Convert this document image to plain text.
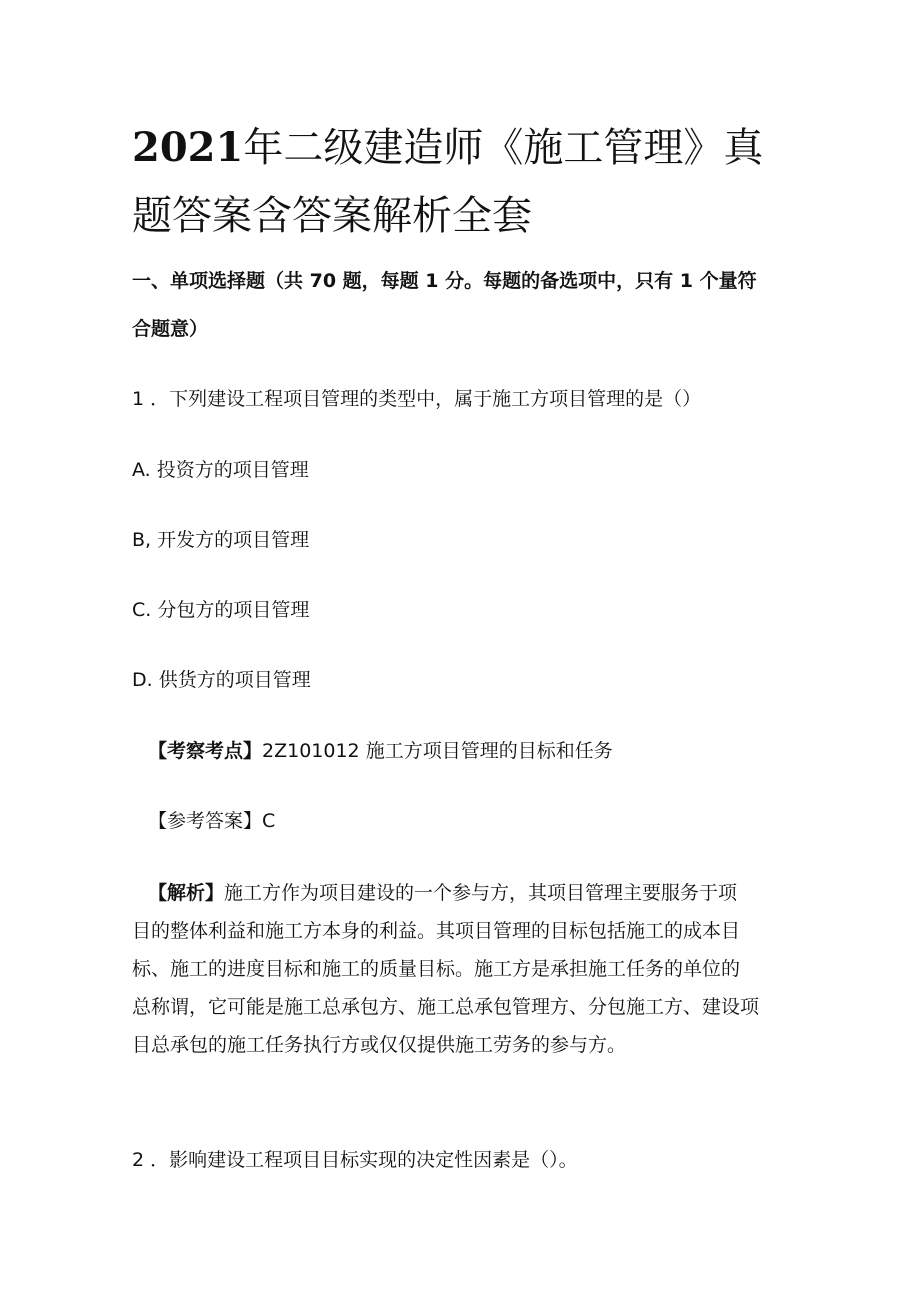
2021年二级建造师《施工管理》真
题答案含答案解析全套
一、单项选择题（共 70 题，每题 1 分。每题的备选项中，只有 1 个量符
合题意）
1 ．下列建设工程项目管理的类型中，属于施工方项目管理的是（）
A. 投资方的项目管理
B, 开发方的项目管理
C. 分包方的项目管理
D. 供货方的项目管理
【考察考点】2Z101012 施工方项目管理的目标和任务
【参考答案】C
【解析】施工方作为项目建设的一个参与方，其项目管理主要服务于项
目的整体利益和施工方本身的利益。其项目管理的目标包括施工的成本目
标、施工的进度目标和施工的质量目标。施工方是承担施工任务的单位的
总称谓，它可能是施工总承包方、施工总承包管理方、分包施工方、建设项
目总承包的施工任务执行方或仅仅提供施工劳务的参与方。
2 ．影响建设工程项目目标实现的决定性因素是（）。
